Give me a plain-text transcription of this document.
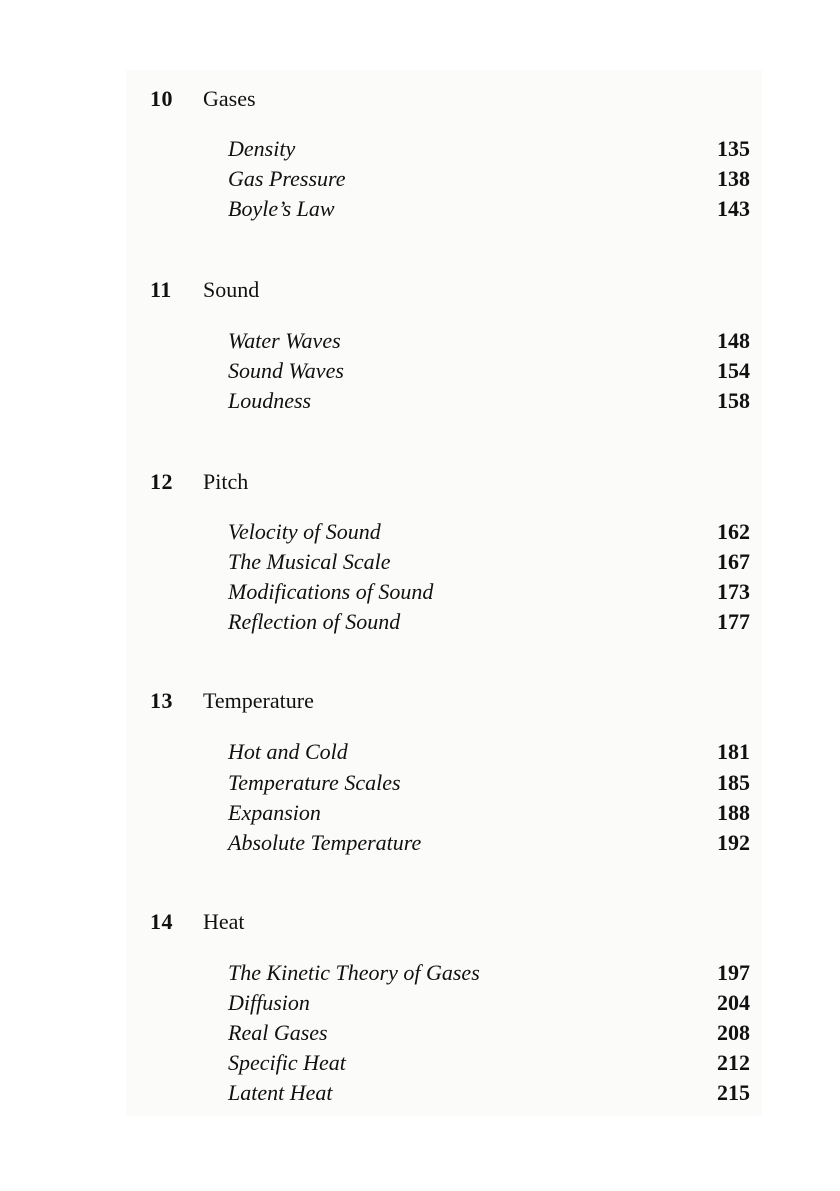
10 Gases
Density	135
Gas Pressure	138
Boyle’s Law	143
11 Sound
Water Waves	148
Sound Waves	154
Loudness	158
12 Pitch
Velocity of Sound	162
The Musical Scale	167
Modifications of Sound	173
Reflection of Sound	177
13 Temperature
Hot and Cold	181
Temperature Scales	185
Expansion	188
Absolute Temperature	192
14 Heat
The Kinetic Theory of Gases	197
Diffusion	204
Real Gases	208
Specific Heat	212
Latent Heat	215
